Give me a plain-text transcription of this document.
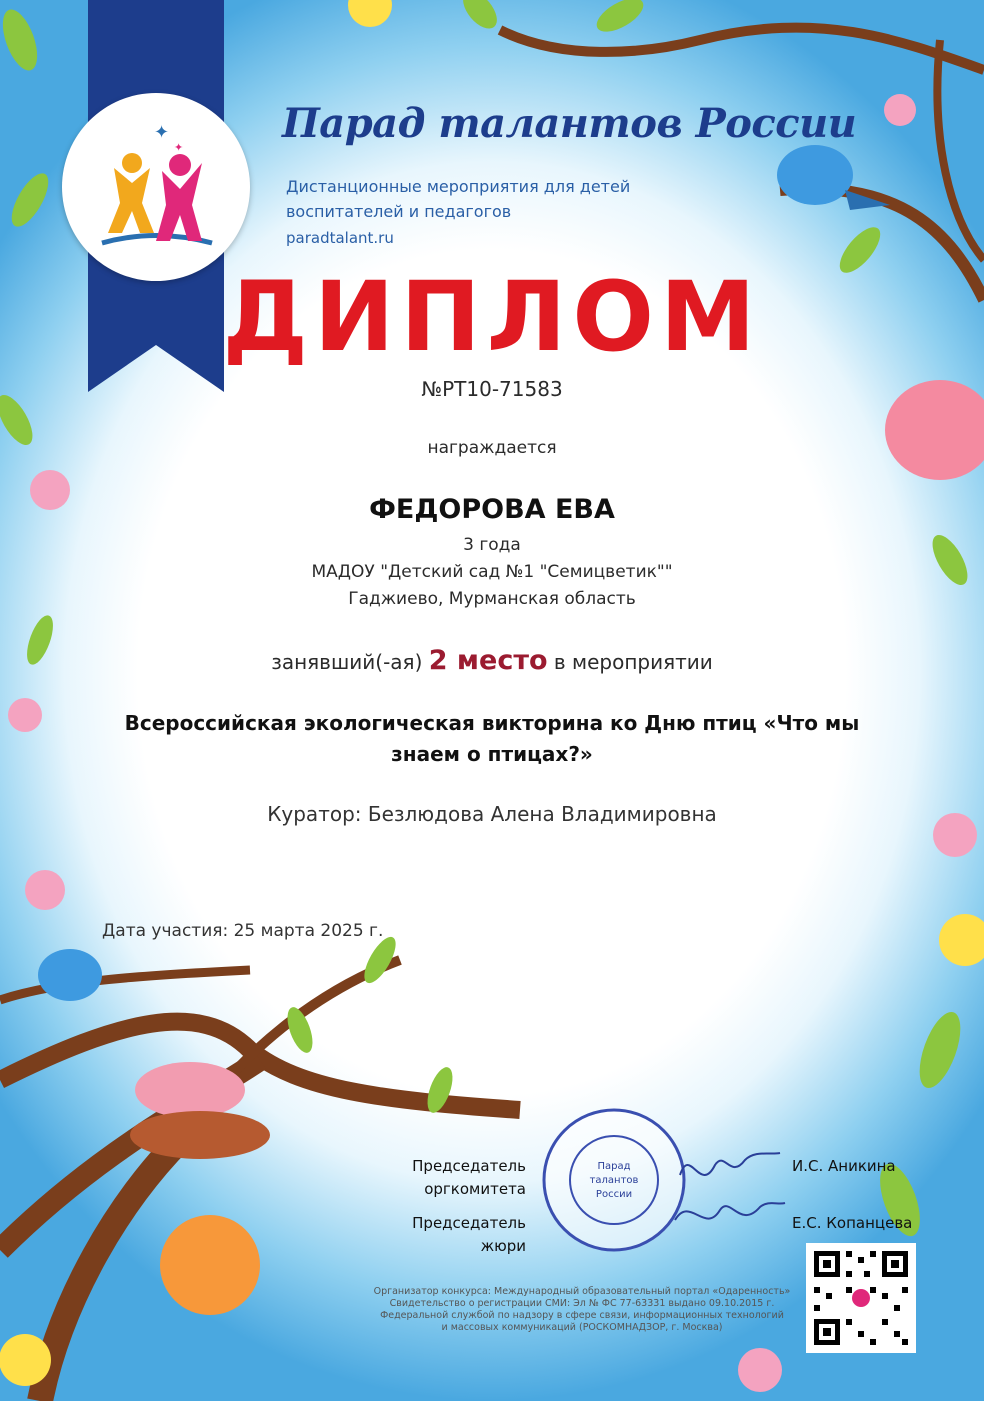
✦
✦
Парад талантов России
Дистанционные мероприятия для детей
воспитателей и педагогов
paradtalant.ru
ДИПЛОМ
№PT10-71583
награждается
ФЕДОРОВА ЕВА
3 года
МАДОУ "Детский сад №1 "Семицветик""
Гаджиево, Мурманская область
занявший(-ая) 2 место в мероприятии
Всероссийская экологическая викторина ко Дню птиц «Что мы знаем о птицах?»
Куратор: Безлюдова Алена Владимировна
Дата участия: 25 марта 2025 г.
Председатель
оргкомитета
И.С. Аникина
Председатель
жюри
Е.С. Копанцева
Парад
талантов
России
Организатор конкурса: Международный образовательный портал «Одаренность»
Свидетельство о регистрации СМИ: Эл № ФС 77-63331 выдано 09.10.2015 г.
Федеральной службой по надзору в сфере связи, информационных технологий
и массовых коммуникаций (РОСКОМНАДЗОР, г. Москва)
